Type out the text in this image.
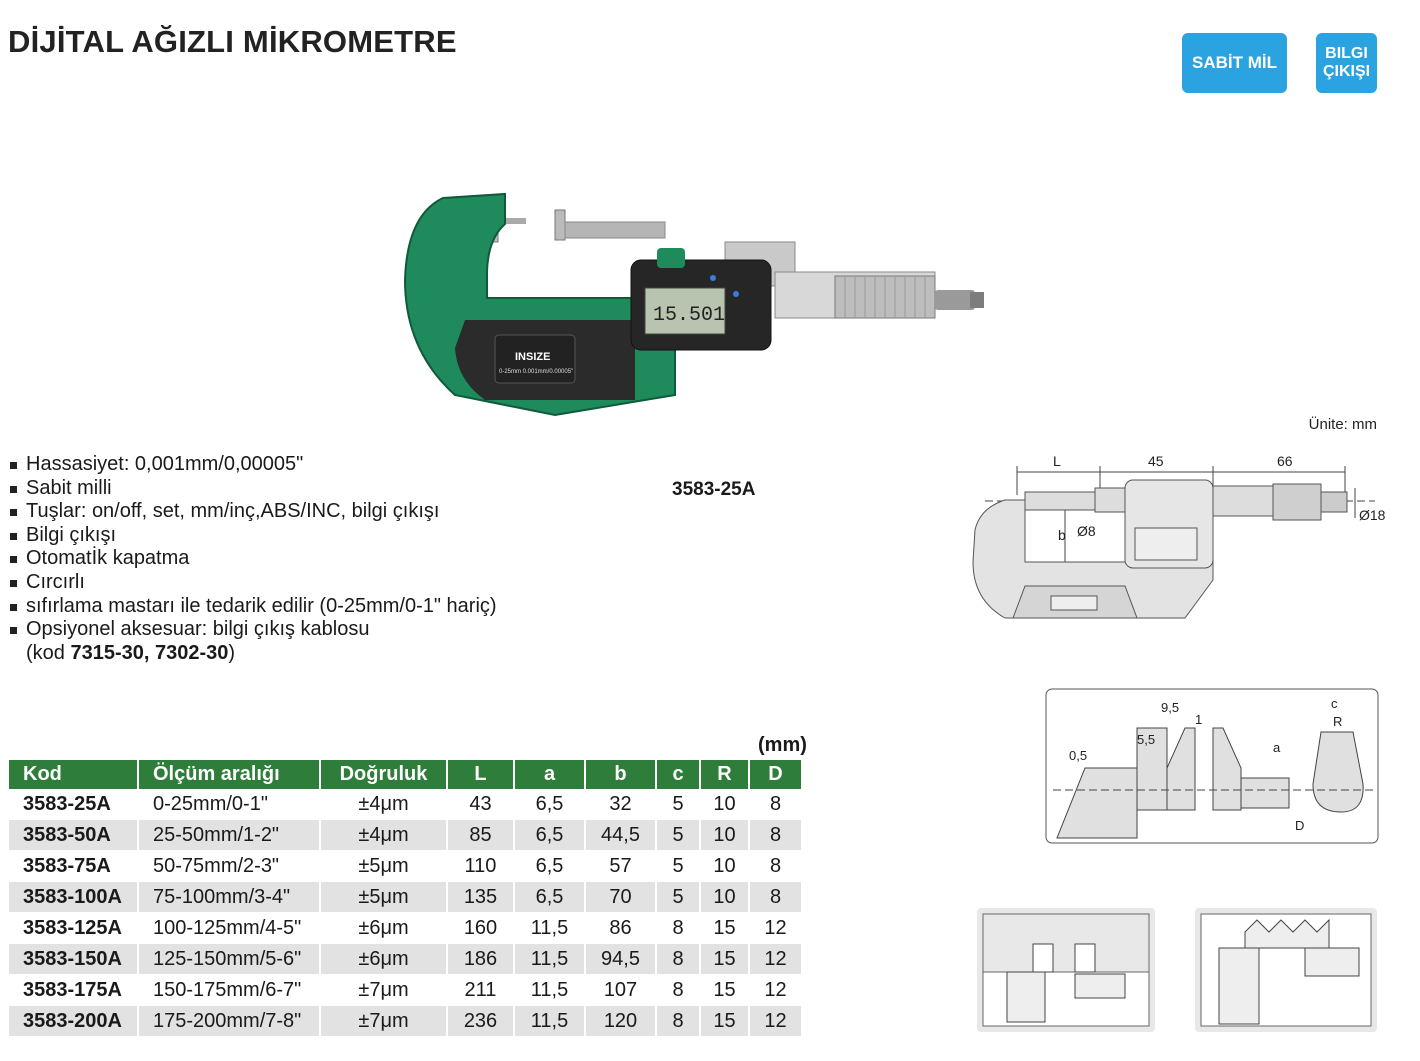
DİJİTAL AĞIZLI MİKROMETRE
SABİT MİL
BILGI
ÇIKIŞI
INSIZE
0-25mm 0.001mm/0.00005"
15.501
Ünite: mm
3583-25A
Hassasiyet: 0,001mm/0,00005"
Sabit milli
Tuşlar: on/off, set, mm/inç,ABS/INC, bilgi çıkışı
Bilgi çıkışı
Otomatİk kapatma
Cırcırlı
sıfırlama mastarı ile tedarik edilir (0-25mm/0-1" hariç)
Opsiyonel aksesuar: bilgi çıkış kablosu
(kod 7315-30, 7302-30)
L	45	66
b Ø8
Ø18
9,5
1
5,5
0,5
a
c
R
D
(mm)
Kod	Ölçüm aralığı	Doğruluk	L	a	b	c	R	D
3583-25A	0-25mm/0-1"	±4μm	43	6,5	32	5	10	8
3583-50A	25-50mm/1-2"	±4μm	85	6,5	44,5	5	10	8
3583-75A	50-75mm/2-3"	±5μm	110	6,5	57	5	10	8
3583-100A	75-100mm/3-4"	±5μm	135	6,5	70	5	10	8
3583-125A	100-125mm/4-5"	±6μm	160	11,5	86	8	15	12
3583-150A	125-150mm/5-6"	±6μm	186	11,5	94,5	8	15	12
3583-175A	150-175mm/6-7"	±7μm	211	11,5	107	8	15	12
3583-200A	175-200mm/7-8"	±7μm	236	11,5	120	8	15	12
